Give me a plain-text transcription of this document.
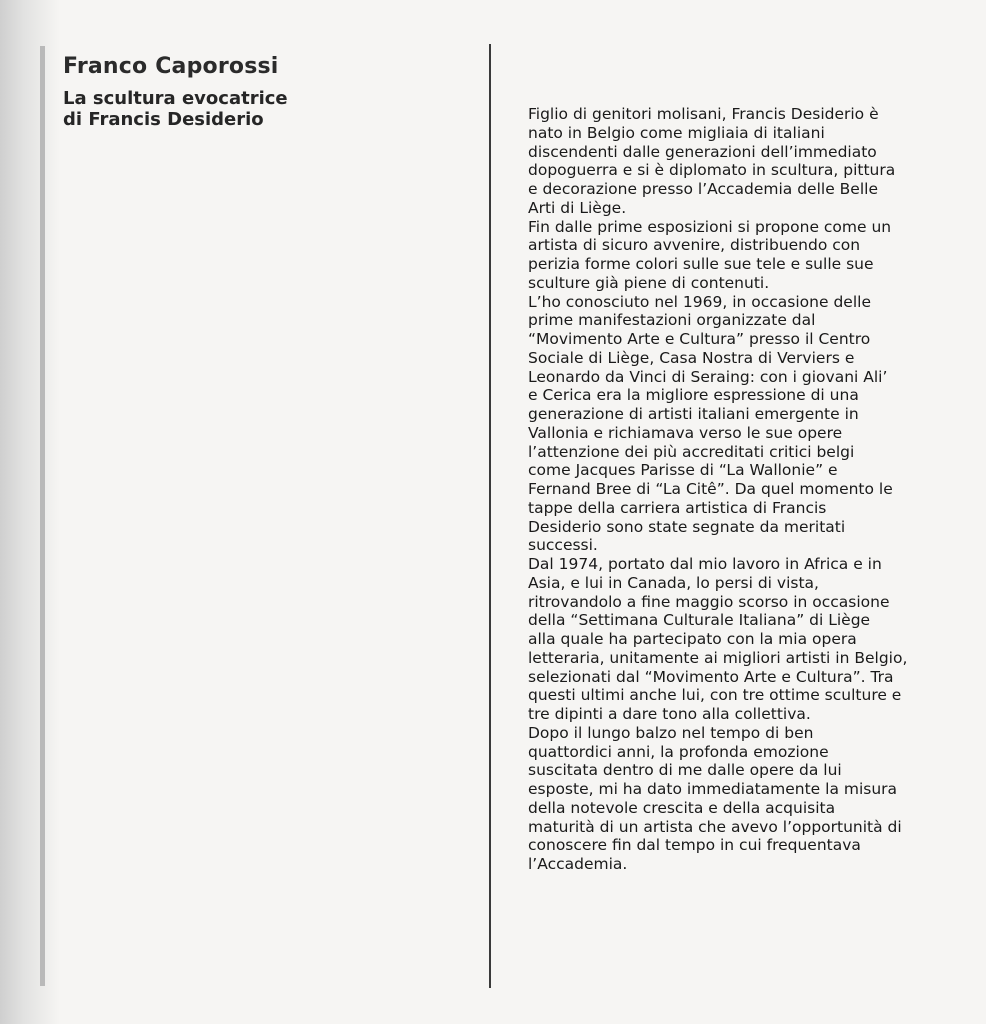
Franco Caporossi
La scultura evocatrice
di Francis Desiderio	Figlio di genitori molisani, Francis Desiderio è
nato in Belgio come migliaia di italiani
discendenti dalle generazioni dell’immediato
dopoguerra e si è diplomato in scultura, pittura
e decorazione presso l’Accademia delle Belle
Arti di Liège.
Fin dalle prime esposizioni si propone come un
artista di sicuro avvenire, distribuendo con
perizia forme colori sulle sue tele e sulle sue
sculture già piene di contenuti.
L’ho conosciuto nel 1969, in occasione delle
prime manifestazioni organizzate dal
“Movimento Arte e Cultura” presso il Centro
Sociale di Liège, Casa Nostra di Verviers e
Leonardo da Vinci di Seraing: con i giovani Ali’
e Cerica era la migliore espressione di una
generazione di artisti italiani emergente in
Vallonia e richiamava verso le sue opere
l’attenzione dei più accreditati critici belgi
come Jacques Parisse di “La Wallonie” e
Fernand Bree di “La Citê”. Da quel momento le
tappe della carriera artistica di Francis
Desiderio sono state segnate da meritati
successi.
Dal 1974, portato dal mio lavoro in Africa e in
Asia, e lui in Canada, lo persi di vista,
ritrovandolo a fine maggio scorso in occasione
della “Settimana Culturale Italiana” di Liège
alla quale ha partecipato con la mia opera
letteraria, unitamente ai migliori artisti in Belgio,
selezionati dal “Movimento Arte e Cultura”. Tra
questi ultimi anche lui, con tre ottime sculture e
tre dipinti a dare tono alla collettiva.
Dopo il lungo balzo nel tempo di ben
quattordici anni, la profonda emozione
suscitata dentro di me dalle opere da lui
esposte, mi ha dato immediatamente la misura
della notevole crescita e della acquisita
maturità di un artista che avevo l’opportunità di
conoscere fin dal tempo in cui frequentava
l’Accademia.
